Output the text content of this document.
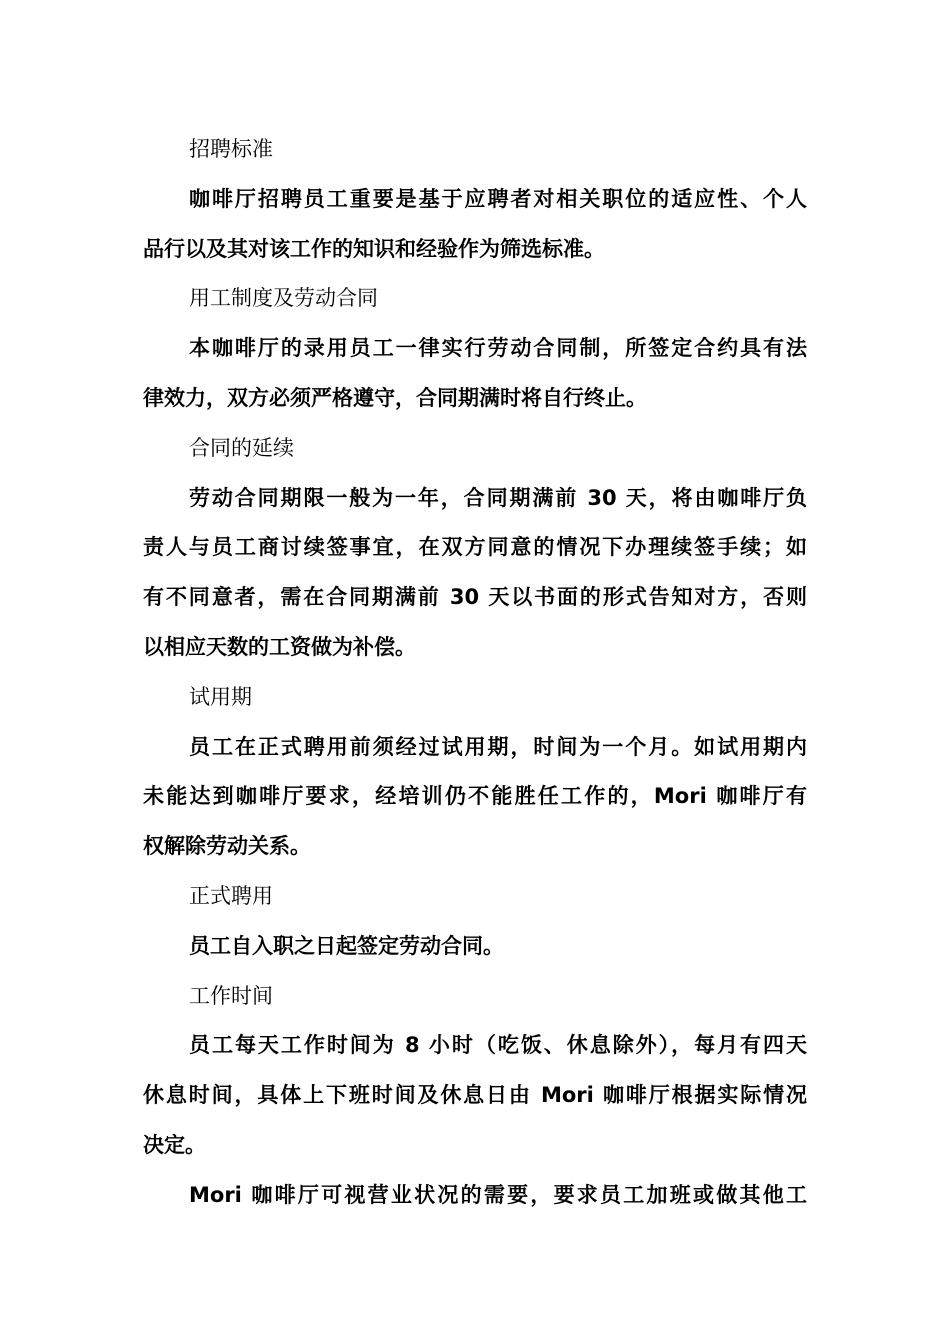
招聘标准

咖啡厅招聘员工重要是基于应聘者对相关职位的适应性、个人

品行以及其对该工作的知识和经验作为筛选标准。

用工制度及劳动合同

本咖啡厅的录用员工一律实行劳动合同制，所签定合约具有法

律效力，双方必须严格遵守，合同期满时将自行终止。

合同的延续

劳动合同期限一般为一年，合同期满前 30 天，将由咖啡厅负

责人与员工商讨续签事宜，在双方同意的情况下办理续签手续；如

有不同意者，需在合同期满前 30 天以书面的形式告知对方，否则

以相应天数的工资做为补偿。

试用期

员工在正式聘用前须经过试用期，时间为一个月。如试用期内

未能达到咖啡厅要求，经培训仍不能胜任工作的，Mori 咖啡厅有

权解除劳动关系。

正式聘用

员工自入职之日起签定劳动合同。

工作时间

员工每天工作时间为 8 小时（吃饭、休息除外），每月有四天

休息时间，具体上下班时间及休息日由 Mori 咖啡厅根据实际情况

决定。

Mori 咖啡厅可视营业状况的需要，要求员工加班或做其他工
